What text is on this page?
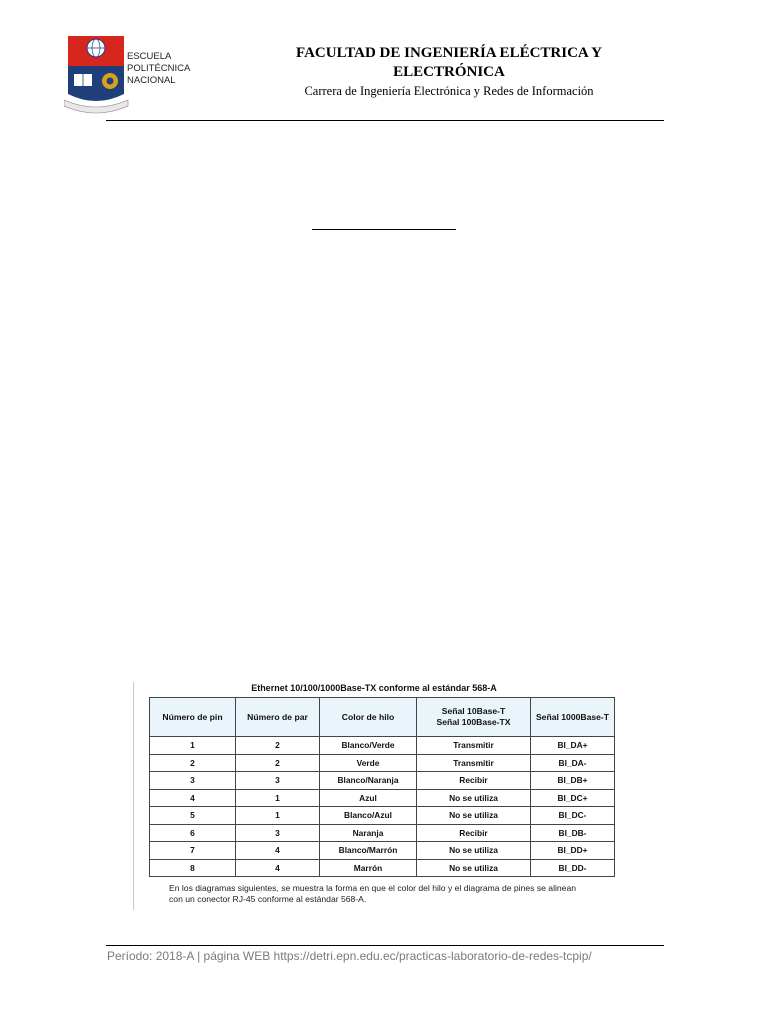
ESCUELA
POLITÉCNICA
NACIONAL
FACULTAD DE INGENIERÍA ELÉCTRICA Y
ELECTRÓNICA
Carrera de Ingeniería Electrónica y Redes de Información
Ethernet 10/100/1000Base-TX conforme al estándar 568-A
Número de pin	Número de par	Color de hilo	Señal 10Base-T
Señal 100Base-TX	Señal 1000Base-T
1	2	Blanco/Verde	Transmitir	BI_DA+
2	2	Verde	Transmitir	BI_DA-
3	3	Blanco/Naranja	Recibir	BI_DB+
4	1	Azul	No se utiliza	BI_DC+
5	1	Blanco/Azul	No se utiliza	BI_DC-
6	3	Naranja	Recibir	BI_DB-
7	4	Blanco/Marrón	No se utiliza	BI_DD+
8	4	Marrón	No se utiliza	BI_DD-
En los diagramas siguientes, se muestra la forma en que el color del hilo y el diagrama de pines se alinean
con un conector RJ-45 conforme al estándar 568-A.
Período: 2018-A | página WEB https://detri.epn.edu.ec/practicas-laboratorio-de-redes-tcpip/
